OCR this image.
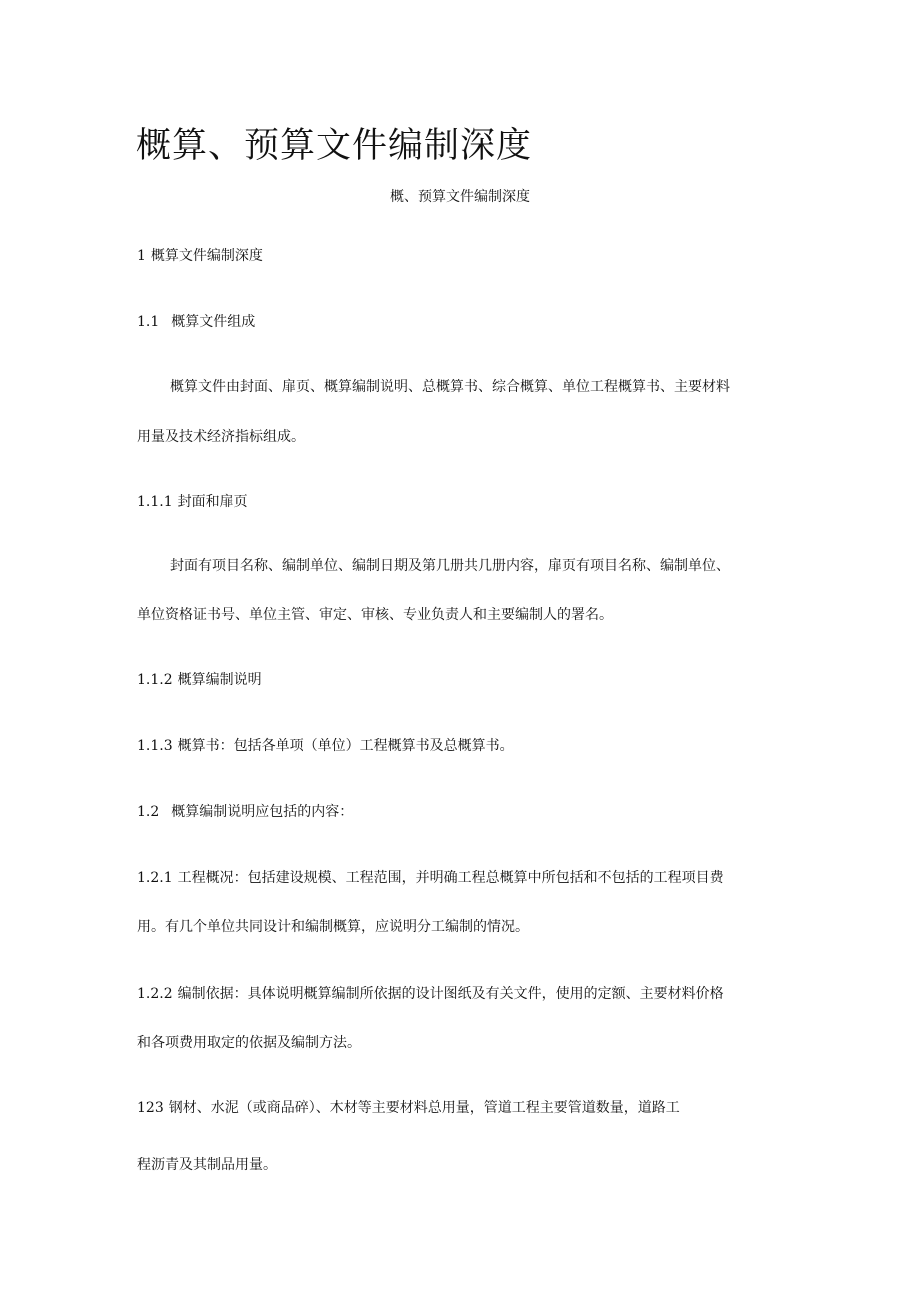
概算、预算文件编制深度
概、预算文件编制深度
1 概算文件编制深度
1.1 概算文件组成
概算文件由封面、扉页、概算编制说明、总概算书、综合概算、单位工程概算书、主要材料
用量及技术经济指标组成。
1.1.1 封面和扉页
封面有项目名称、编制单位、编制日期及第几册共几册内容，扉页有项目名称、编制单位、
单位资格证书号、单位主管、审定、审核、专业负责人和主要编制人的署名。
1.1.2 概算编制说明
1.1.3 概算书：包括各单项（单位）工程概算书及总概算书。
1.2 概算编制说明应包括的内容：
1.2.1 工程概况：包括建设规模、工程范围，并明确工程总概算中所包括和不包括的工程项目费
用。有几个单位共同设计和编制概算，应说明分工编制的情况。
1.2.2 编制依据：具体说明概算编制所依据的设计图纸及有关文件，使用的定额、主要材料价格
和各项费用取定的依据及编制方法。
123 钢材、水泥（或商品碎）、木材等主要材料总用量，管道工程主要管道数量，道路工
程沥青及其制品用量。
